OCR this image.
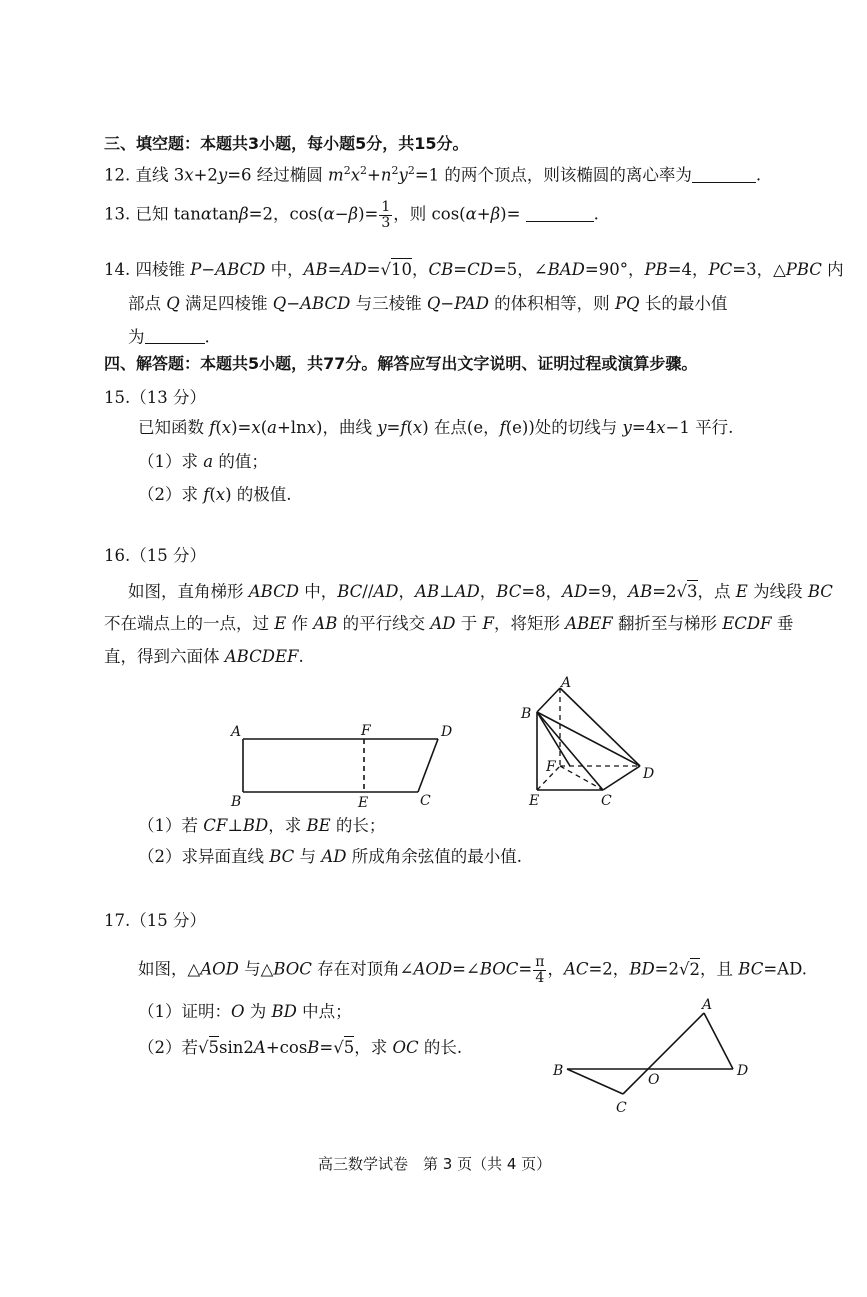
三、填空题：本题共3小题，每小题5分，共15分。
12. 直线 3x+2y=6 经过椭圆 $m^2x^2+n^2y^2=1$ 的两个顶点，则该椭圆的离心率为	.
13. 已知 tanαtanβ=2，$\cos(\alpha-\beta)= \frac{1}{3}$ ，则 cos(α+β)=	.
14. 四棱锥 P−ABCD 中，AB=AD=√10，CB=CD=5，∠BAD=90°，PB=4，PC=3，△PBC 内
部点 Q 满足四棱锥 Q−ABCD 与三棱锥 Q−PAD 的体积相等，则 PQ 长的最小值
为	.
四、解答题：本题共5小题，共77分。解答应写出文字说明、证明过程或演算步骤。
15.（13 分）
已知函数 f(x)=x(a+lnx)，曲线 y=f(x) 在点(e，f(e))处的切线与 y=4x−1 平行.
（1）求 a 的值；
（2）求 f(x) 的极值.
16.（15 分）
如图，直角梯形 ABCD 中，BC//AD，AB⊥AD，BC=8，AD=9，AB=2√3，点 E 为线段 BC
不在端点上的一点，过 E 作 AB 的平行线交 AD 于 F，将矩形 ABEF 翻折至与梯形 ECDF 垂
直，得到六面体 ABCDEF.
A	F	D
B	E	C
A
B
F	D
E	C
（1）若 CF⊥BD，求 BE 的长；
（2）求异面直线 BC 与 AD 所成角余弦值的最小值.
17.（15 分）
如图，△AOD 与△BOC 存在对顶角∠AOD=∠BOC= $\frac{\pi}{4}$ ，AC=2，BD=2√2，且 BC=AD.
（1）证明：O 为 BD 中点；
（2）若√5sin2A+cosB=√5，求 OC 的长.
A
B
O
D
C
高三数学试卷　第 3 页（共 4 页）
